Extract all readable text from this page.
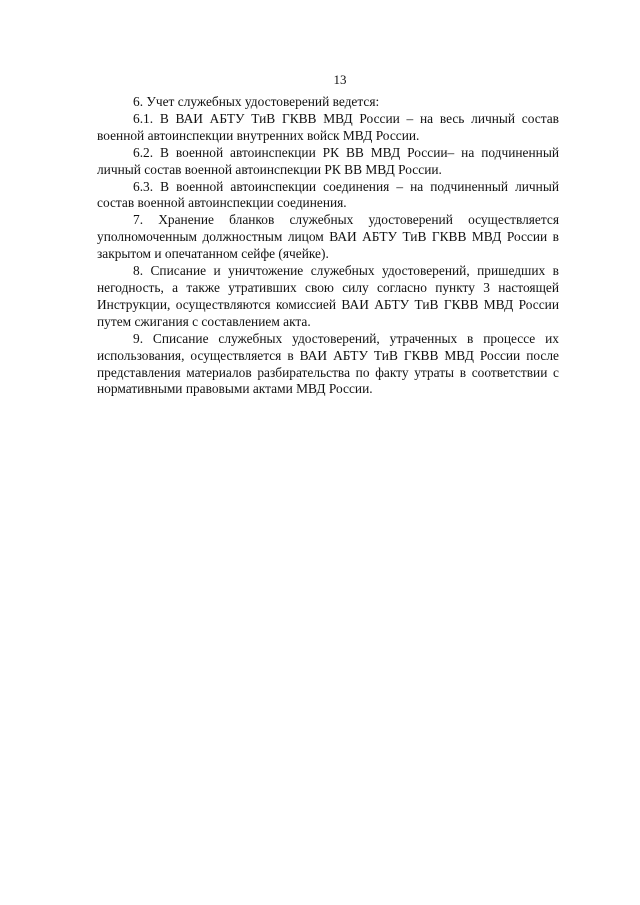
13

6. Учет служебных удостоверений ведется:

6.1. В ВАИ АБТУ ТиВ ГКВВ МВД России – на весь личный состав военной автоинспекции внутренних войск МВД России.

6.2. В военной автоинспекции РК ВВ МВД России– на подчиненный личный состав военной автоинспекции РК ВВ МВД России.

6.3. В военной автоинспекции соединения – на подчиненный личный состав военной автоинспекции соединения.

7. Хранение бланков служебных удостоверений осуществляется уполномоченным должностным лицом ВАИ АБТУ ТиВ ГКВВ МВД России в закрытом и опечатанном сейфе (ячейке).

8. Списание и уничтожение служебных удостоверений, пришедших в негодность, а также утративших свою силу согласно пункту 3 настоящей Инструкции, осуществляются комиссией ВАИ АБТУ ТиВ ГКВВ МВД России путем сжигания с составлением акта.

9. Списание служебных удостоверений, утраченных в процессе их использования, осуществляется в ВАИ АБТУ ТиВ ГКВВ МВД России после представления материалов разбирательства по факту утраты в соответствии с нормативными правовыми актами МВД России.
